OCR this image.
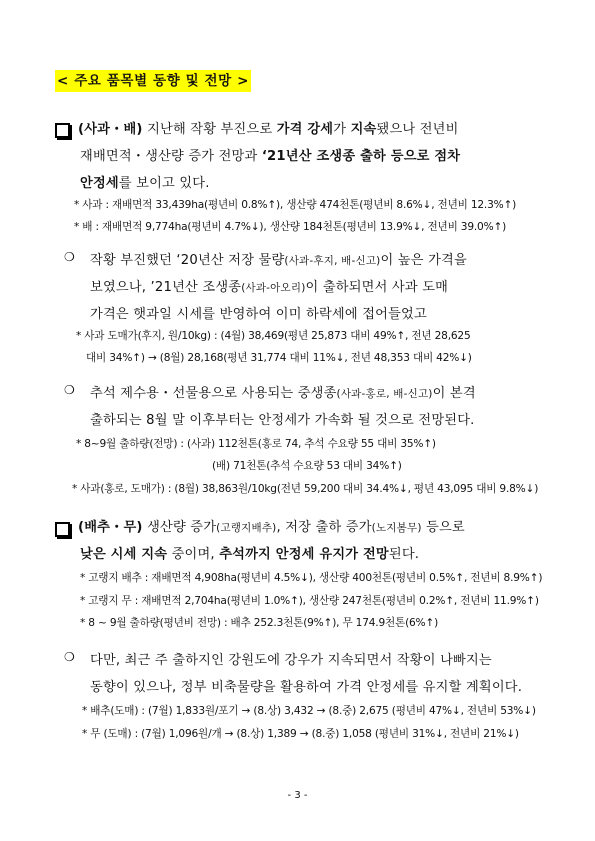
< 주요 품목별 동향 및 전망 >
(사과・배) 지난해 작황 부진으로 가격 강세가 지속됐으나 전년비
재배면적・생산량 증가 전망과 ‘21년산 조생종 출하 등으로 점차
안정세를 보이고 있다.
* 사과 : 재배면적 33,439ha(평년비 0.8%↑), 생산량 474천톤(평년비 8.6%↓, 전년비 12.3%↑)
* 배 : 재배면적 9,774ha(평년비 4.7%↓), 생산량 184천톤(평년비 13.9%↓, 전년비 39.0%↑)
❍ 작황 부진했던 ‘20년산 저장 물량(사과-후지, 배-신고)이 높은 가격을
보였으나, ’21년산 조생종(사과-아오리)이 출하되면서 사과 도매
가격은 햇과일 시세를 반영하여 이미 하락세에 접어들었고
* 사과 도매가(후지, 원/10kg) : (4월) 38,469(평년 25,873 대비 49%↑, 전년 28,625
대비 34%↑) → (8월) 28,168(평년 31,774 대비 11%↓, 전년 48,353 대비 42%↓)
❍ 추석 제수용・선물용으로 사용되는 중생종(사과-홍로, 배-신고)이 본격
출하되는 8월 말 이후부터는 안정세가 가속화 될 것으로 전망된다.
* 8~9월 출하량(전망) : (사과) 112천톤(홍로 74, 추석 수요량 55 대비 35%↑)
(배) 71천톤(추석 수요량 53 대비 34%↑)
* 사과(홍로, 도매가) : (8월) 38,863원/10kg(전년 59,200 대비 34.4%↓, 평년 43,095 대비 9.8%↓)
(배추・무) 생산량 증가(고랭지배추), 저장 출하 증가(노지봄무) 등으로
낮은 시세 지속 중이며, 추석까지 안정세 유지가 전망된다.
* 고랭지 배추 : 재배면적 4,908ha(평년비 4.5%↓), 생산량 400천톤(평년비 0.5%↑, 전년비 8.9%↑)
* 고랭지 무 : 재배면적 2,704ha(평년비 1.0%↑), 생산량 247천톤(평년비 0.2%↑, 전년비 11.9%↑)
* 8 ~ 9월 출하량(평년비 전망) : 배추 252.3천톤(9%↑), 무 174.9천톤(6%↑)
❍ 다만, 최근 주 출하지인 강원도에 강우가 지속되면서 작황이 나빠지는
동향이 있으나, 정부 비축물량을 활용하여 가격 안정세를 유지할 계획이다.
* 배추(도매) : (7월) 1,833원/포기 → (8.상) 3,432 → (8.중) 2,675 (평년비 47%↓, 전년비 53%↓)
* 무 (도매) : (7월) 1,096원/개 → (8.상) 1,389 → (8.중) 1,058 (평년비 31%↓, 전년비 21%↓)
- 3 -
